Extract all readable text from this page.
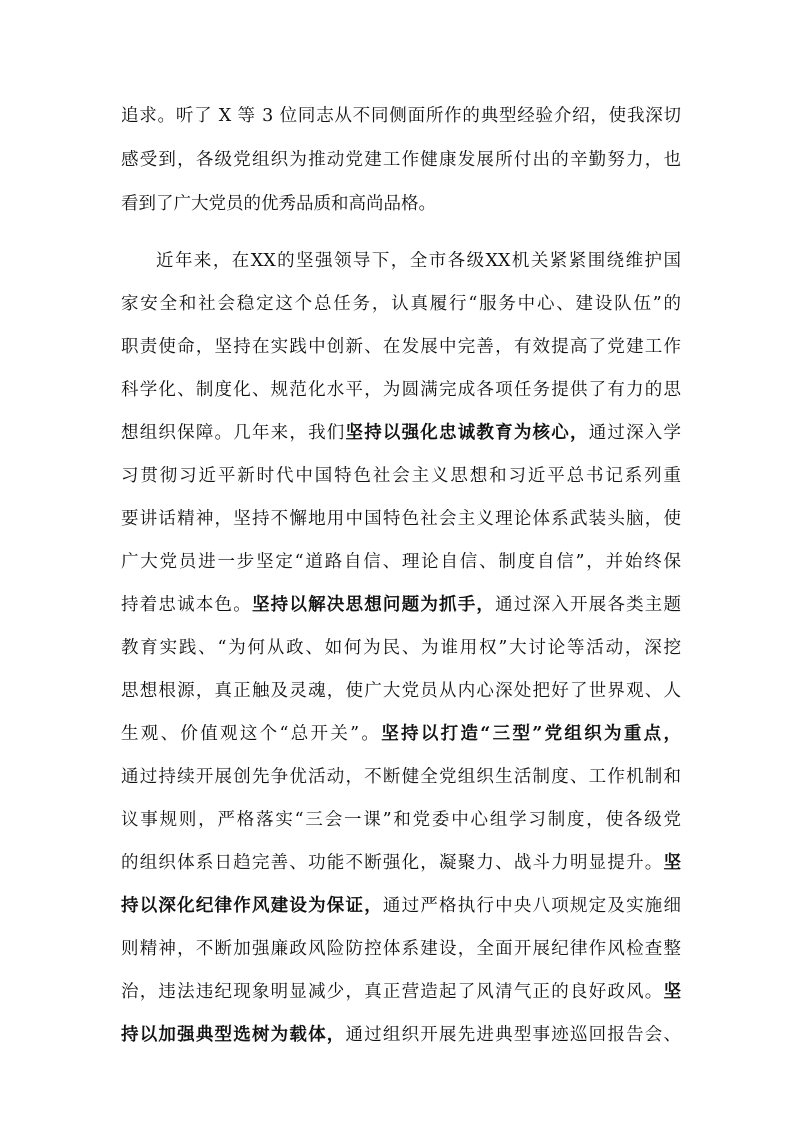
追求。听了 X 等 3 位同志从不同侧面所作的典型经验介绍，使我深切
感受到，各级党组织为推动党建工作健康发展所付出的辛勤努力，也
看到了广大党员的优秀品质和高尚品格。
近年来，在XX的坚强领导下，全市各级XX机关紧紧围绕维护国
家安全和社会稳定这个总任务，认真履行“服务中心、建设队伍”的
职责使命，坚持在实践中创新、在发展中完善，有效提高了党建工作
科学化、制度化、规范化水平，为圆满完成各项任务提供了有力的思
想组织保障。几年来，我们坚持以强化忠诚教育为核心，通过深入学
习贯彻习近平新时代中国特色社会主义思想和习近平总书记系列重
要讲话精神，坚持不懈地用中国特色社会主义理论体系武装头脑，使
广大党员进一步坚定“道路自信、理论自信、制度自信”，并始终保
持着忠诚本色。坚持以解决思想问题为抓手，通过深入开展各类主题
教育实践、“为何从政、如何为民、为谁用权”大讨论等活动，深挖
思想根源，真正触及灵魂，使广大党员从内心深处把好了世界观、人
生观、价值观这个“总开关”。坚持以打造“三型”党组织为重点，
通过持续开展创先争优活动，不断健全党组织生活制度、工作机制和
议事规则，严格落实“三会一课”和党委中心组学习制度，使各级党
的组织体系日趋完善、功能不断强化，凝聚力、战斗力明显提升。坚
持以深化纪律作风建设为保证，通过严格执行中央八项规定及实施细
则精神，不断加强廉政风险防控体系建设，全面开展纪律作风检查整
治，违法违纪现象明显减少，真正营造起了风清气正的良好政风。坚
持以加强典型选树为载体，通过组织开展先进典型事迹巡回报告会、
